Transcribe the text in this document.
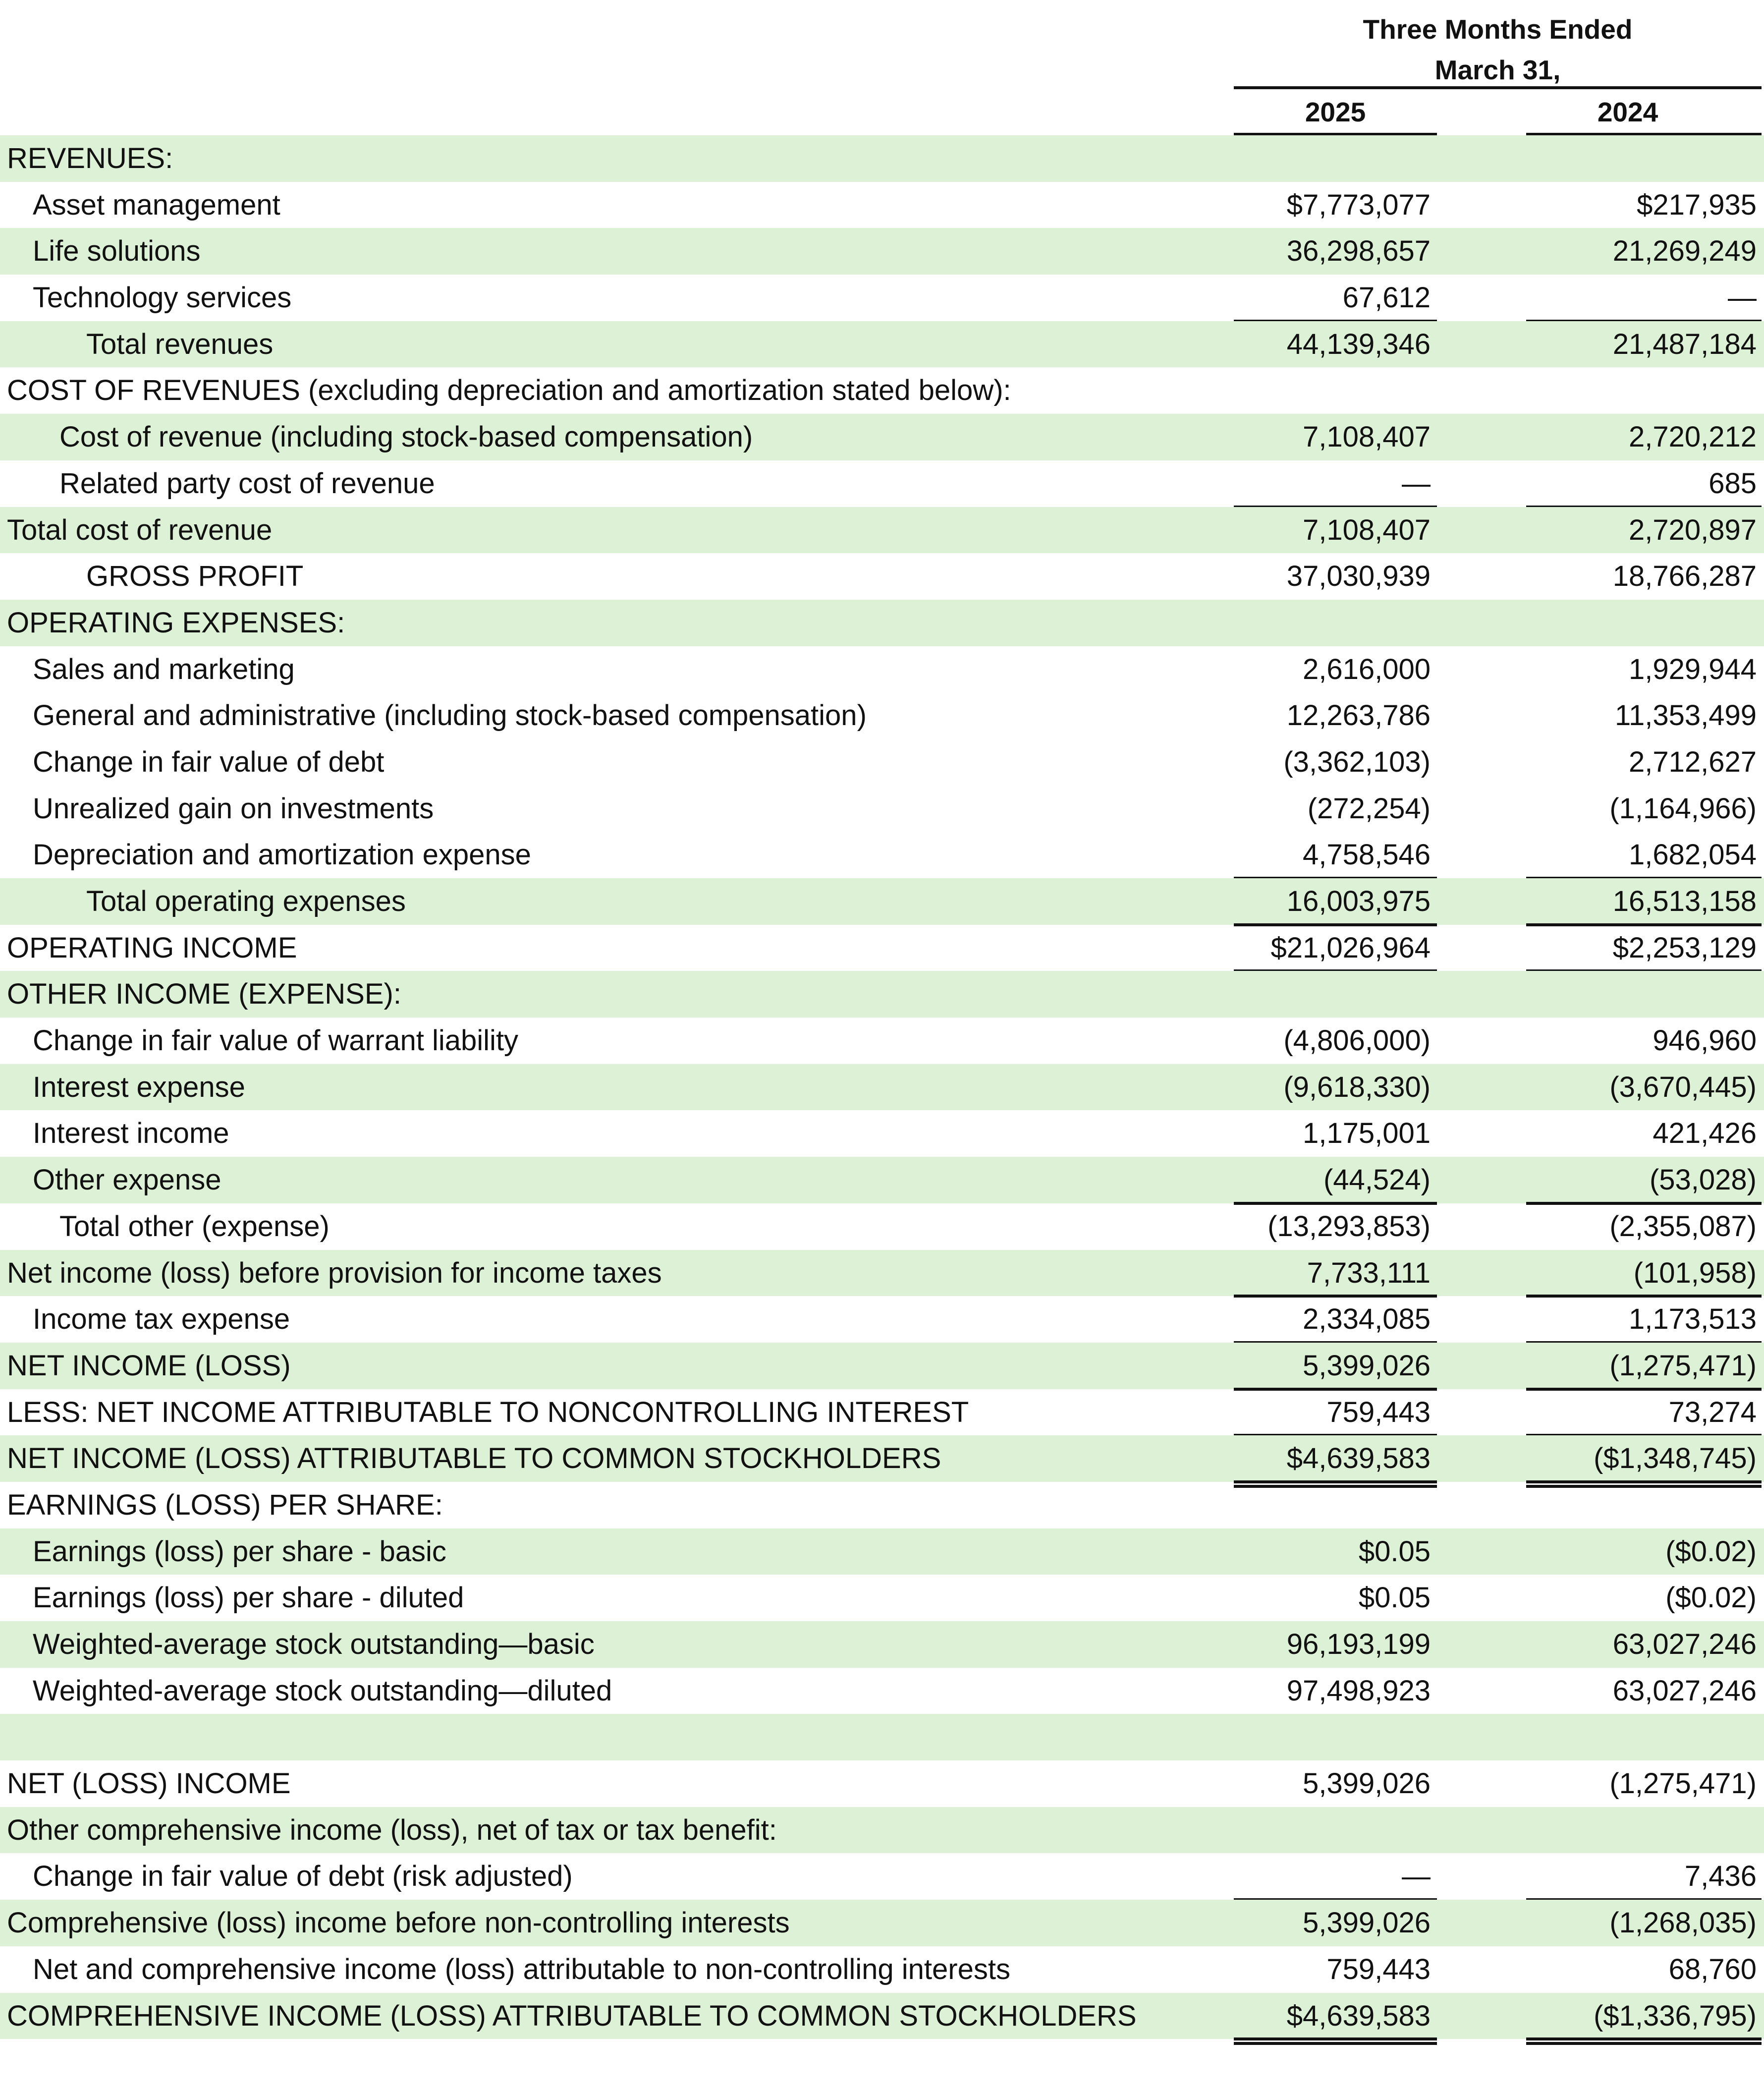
Three Months Ended
March 31,
2025	2024
REVENUES:
Asset management	$7,773,077	$217,935
Life solutions	36,298,657	21,269,249
Technology services	67,612	—
Total revenues	44,139,346	21,487,184
COST OF REVENUES (excluding depreciation and amortization stated below):
Cost of revenue (including stock-based compensation)	7,108,407	2,720,212
Related party cost of revenue	—	685
Total cost of revenue	7,108,407	2,720,897
GROSS PROFIT	37,030,939	18,766,287
OPERATING EXPENSES:
Sales and marketing	2,616,000	1,929,944
General and administrative (including stock-based compensation)	12,263,786	11,353,499
Change in fair value of debt	(3,362,103)	2,712,627
Unrealized gain on investments	(272,254)	(1,164,966)
Depreciation and amortization expense	4,758,546	1,682,054
Total operating expenses	16,003,975	16,513,158
OPERATING INCOME	$21,026,964	$2,253,129
OTHER INCOME (EXPENSE):
Change in fair value of warrant liability	(4,806,000)	946,960
Interest expense	(9,618,330)	(3,670,445)
Interest income	1,175,001	421,426
Other expense	(44,524)	(53,028)
Total other (expense)	(13,293,853)	(2,355,087)
Net income (loss) before provision for income taxes	7,733,111	(101,958)
Income tax expense	2,334,085	1,173,513
NET INCOME (LOSS)	5,399,026	(1,275,471)
LESS: NET INCOME ATTRIBUTABLE TO NONCONTROLLING INTEREST	759,443	73,274
NET INCOME (LOSS) ATTRIBUTABLE TO COMMON STOCKHOLDERS	$4,639,583	($1,348,745)
EARNINGS (LOSS) PER SHARE:
Earnings (loss) per share - basic	$0.05	($0.02)
Earnings (loss) per share - diluted	$0.05	($0.02)
Weighted-average stock outstanding—basic	96,193,199	63,027,246
Weighted-average stock outstanding—diluted	97,498,923	63,027,246
NET (LOSS) INCOME	5,399,026	(1,275,471)
Other comprehensive income (loss), net of tax or tax benefit:
Change in fair value of debt (risk adjusted)	—	7,436
Comprehensive (loss) income before non-controlling interests	5,399,026	(1,268,035)
Net and comprehensive income (loss) attributable to non-controlling interests	759,443	68,760
COMPREHENSIVE INCOME (LOSS) ATTRIBUTABLE TO COMMON STOCKHOLDERS	$4,639,583	($1,336,795)
